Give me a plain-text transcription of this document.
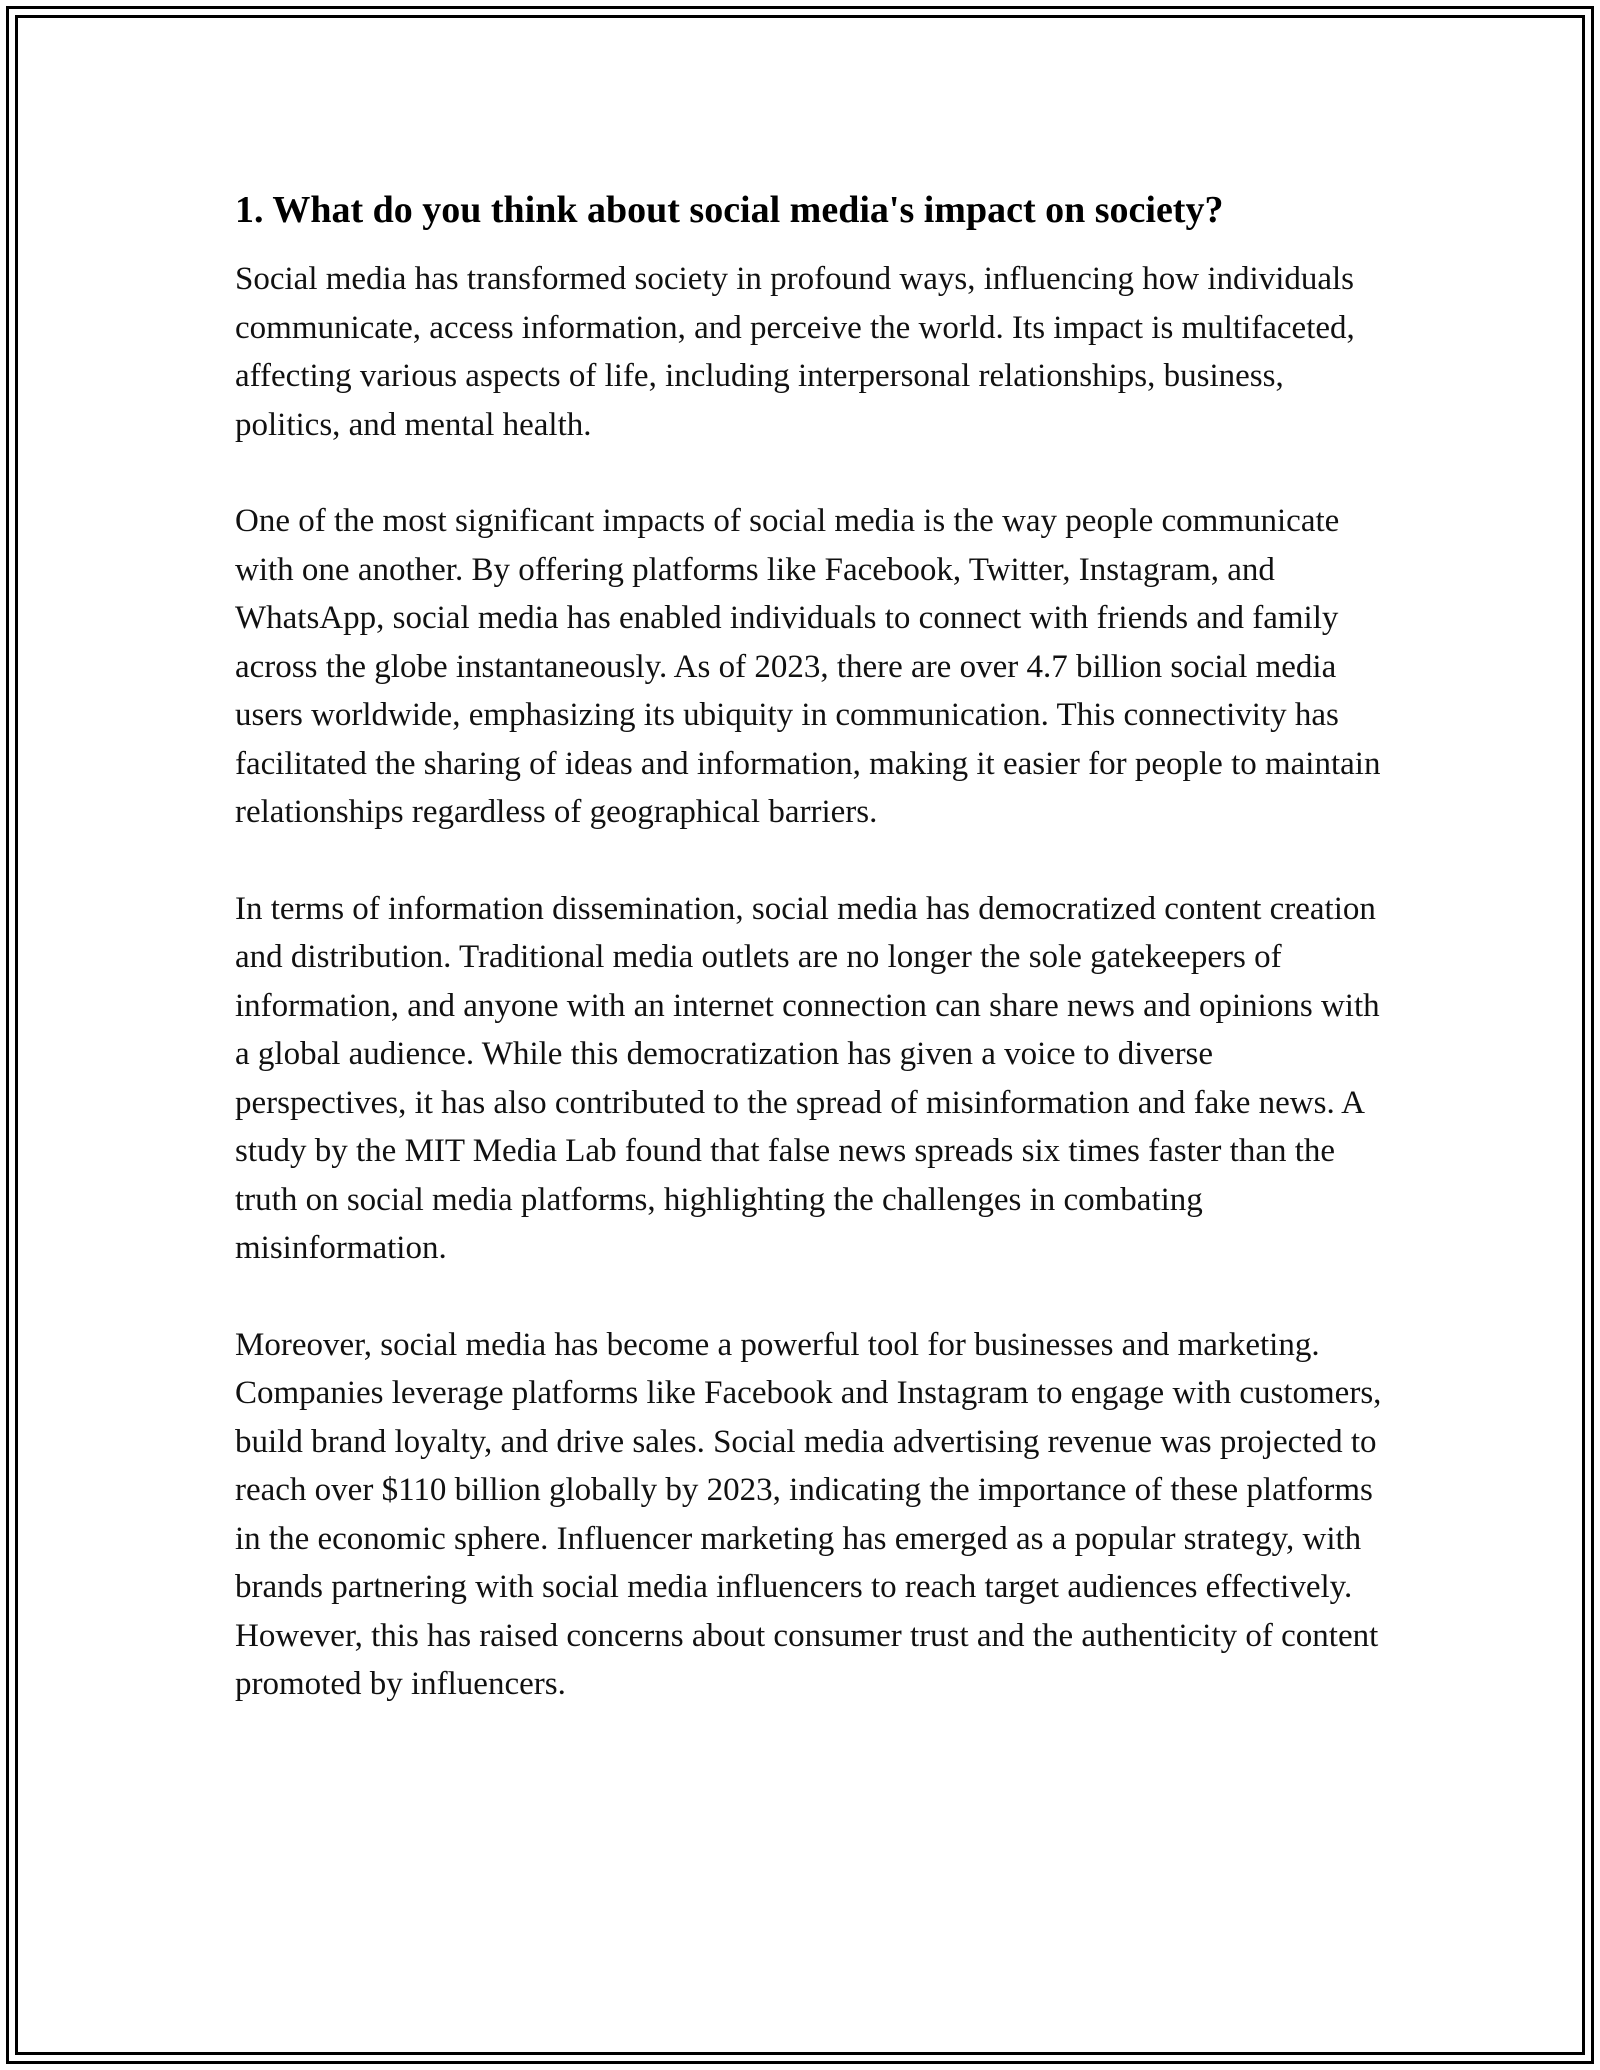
1. What do you think about social media's impact on society?

Social media has transformed society in profound ways, influencing how individuals communicate, access information, and perceive the world. Its impact is multifaceted, affecting various aspects of life, including interpersonal relationships, business, politics, and mental health.

One of the most significant impacts of social media is the way people communicate with one another. By offering platforms like Facebook, Twitter, Instagram, and WhatsApp, social media has enabled individuals to connect with friends and family across the globe instantaneously. As of 2023, there are over 4.7 billion social media users worldwide, emphasizing its ubiquity in communication. This connectivity has facilitated the sharing of ideas and information, making it easier for people to maintain relationships regardless of geographical barriers.

In terms of information dissemination, social media has democratized content creation and distribution. Traditional media outlets are no longer the sole gatekeepers of information, and anyone with an internet connection can share news and opinions with a global audience. While this democratization has given a voice to diverse perspectives, it has also contributed to the spread of misinformation and fake news. A study by the MIT Media Lab found that false news spreads six times faster than the truth on social media platforms, highlighting the challenges in combating misinformation.

Moreover, social media has become a powerful tool for businesses and marketing. Companies leverage platforms like Facebook and Instagram to engage with customers, build brand loyalty, and drive sales. Social media advertising revenue was projected to reach over $110 billion globally by 2023, indicating the importance of these platforms in the economic sphere. Influencer marketing has emerged as a popular strategy, with brands partnering with social media influencers to reach target audiences effectively. However, this has raised concerns about consumer trust and the authenticity of content promoted by influencers.
